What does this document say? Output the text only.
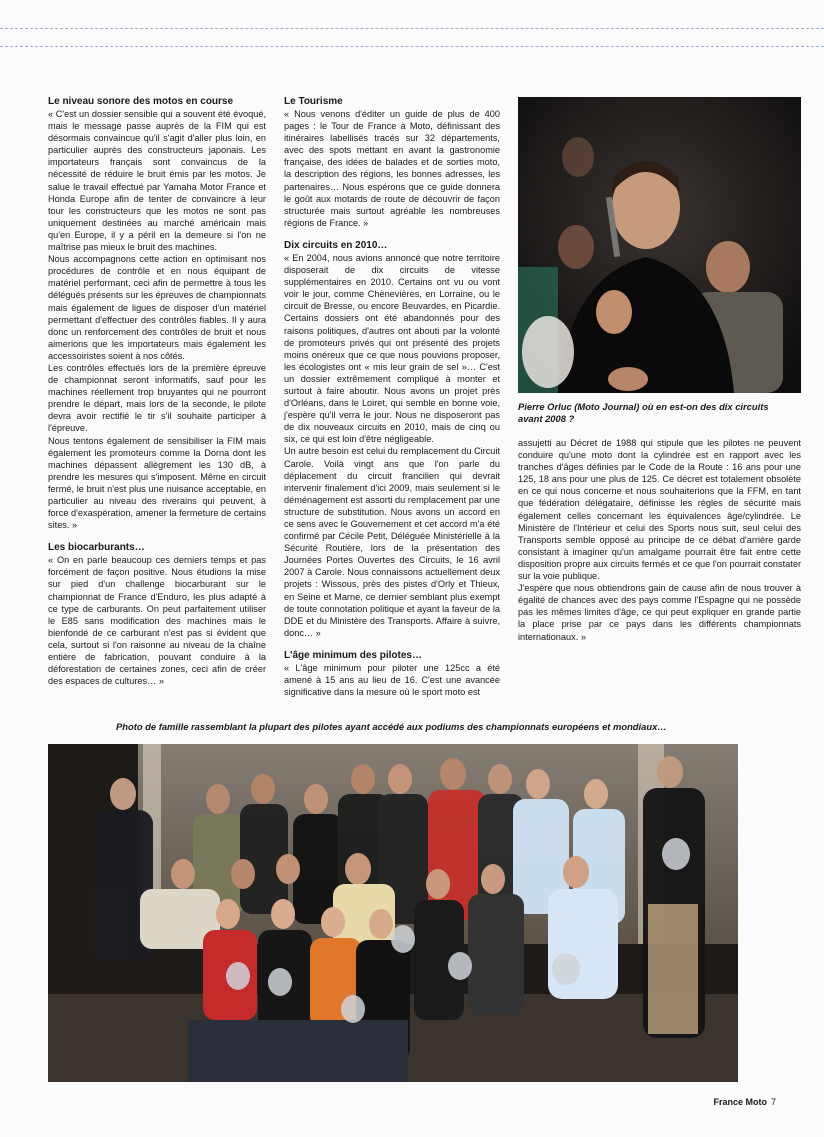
Le niveau sonore des motos en course

« C'est un dossier sensible qui a souvent été évoqué, mais le message passe auprès de la FIM qui est désormais convaincue qu'il s'agit d'aller plus loin, en particulier auprès des constructeurs japonais. Les importateurs français sont convaincus de la nécessité de réduire le bruit émis par les motos. Je salue le travail effectué par Yamaha Motor France et Honda Europe afin de tenter de convaincre à leur tour les constructeurs que les motos ne sont pas uniquement destinées au marché américain mais qu'en Europe, il y a péril en la demeure si l'on ne maîtrise pas mieux le bruit des machines.

Nous accompagnons cette action en optimisant nos procédures de contrôle et en nous équipant de matériel performant, ceci afin de permettre à tous les délégués présents sur les épreuves de championnats mais également de ligues de disposer d'un matériel permettant d'effectuer des contrôles fiables. Il y aura donc un renforcement des contrôles de bruit et nous aimerions que les importateurs mais également les accessoiristes soient à nos côtés.

Les contrôles effectués lors de la première épreuve de championnat seront informatifs, sauf pour les machines réellement trop bruyantes qui ne pourront prendre le départ, mais lors de la seconde, le pilote devra avoir rectifié le tir s'il souhaite participer à l'épreuve.

Nous tentons également de sensibiliser la FIM mais également les promoteurs comme la Dorna dont les machines dépassent allègrement les 130 dB, à prendre les mesures qui s'imposent. Même en circuit fermé, le bruit n'est plus une nuisance acceptable, en particulier au niveau des riverains qui peuvent, à force d'exaspération, amener la fermeture de certains sites. »

Les biocarburants…

« On en parle beaucoup ces derniers temps et pas forcément de façon positive. Nous étudions la mise sur pied d'un challenge biocarburant sur le championnat de France d'Enduro, les plus adapté à ce type de carburants. On peut parfaitement utiliser le E85 sans modification des machines mais le bienfondé de ce carburant n'est pas si évident que cela, surtout si l'on raisonne au niveau de la chaîne entière de fabrication, pouvant conduire à la déforestation de certaines zones, ceci afin de créer des espaces de cultures… »

Le Tourisme

« Nous venons d'éditer un guide de plus de 400 pages : le Tour de France à Moto, définissant des itinéraires labellisés tracés sur 32 départements, avec des spots mettant en avant la gastronomie française, des idées de balades et de sorties moto, la description des régions, les bonnes adresses, les partenaires… Nous espérons que ce guide donnera le goût aux motards de route de découvrir de façon structurée mais surtout agréable les nombreuses régions de France. »

Dix circuits en 2010…

« En 2004, nous avions annoncé que notre territoire disposerait de dix circuits de vitesse supplémentaires en 2010. Certains ont vu ou vont voir le jour, comme Chènevières, en Lorraine, ou le circuit de Bresse, ou encore Beuvardes, en Picardie. Certains dossiers ont été abandonnés pour des raisons politiques, d'autres ont abouti par la volonté de promoteurs privés qui ont présenté des projets moins onéreux que ce que nous pouvions proposer, les écologistes ont « mis leur grain de sel »… C'est un dossier extrêmement compliqué à monter et surtout à faire aboutir. Nous avons un projet près d'Orléans, dans le Loiret, qui semble en bonne voie, j'espère qu'il verra le jour. Nous ne disposeront pas de dix nouveaux circuits en 2010, mais de cinq ou six, ce qui est loin d'être négligeable.

Un autre besoin est celui du remplacement du Circuit Carole. Voilà vingt ans que l'on parle du déplacement du circuit francilien qui devrait intervenir finalement d'ici 2009, mais seulement si le déménagement est assorti du remplacement par une structure de substitution. Nous avons un accord en ce sens avec le Gouvernement et cet accord m'a été confirmé par Cécile Petit, Déléguée Ministérielle à la Sécurité Routière, lors de la présentation des Journées Portes Ouvertes des Circuits, le 16 avril 2007 à Carole. Nous connaissons actuellement deux projets : Wissous, près des pistes d'Orly et Thieux, en Seine et Marne, ce dernier semblant plus exempt de toute connotation politique et ayant la faveur de la DDE et du Ministère des Transports. Affaire à suivre, donc… »

L'âge minimum des pilotes…

« L'âge minimum pour piloter une 125cc a été amené à 15 ans au lieu de 16. C'est une avancée significative dans la mesure où le sport moto est

Pierre Orluc (Moto Journal) où en est-on des dix circuits avant 2008 ?

assujetti au Décret de 1988 qui stipule que les pilotes ne peuvent conduire qu'une moto dont la cylindrée est en rapport avec les tranches d'âges définies par le Code de la Route : 16 ans pour une 125, 18 ans pour une plus de 125. Ce décret est totalement obsolète en ce qui nous concerne et nous souhaiterions que la FFM, en tant que fédération délégataire, définisse les règles de sécurité mais également celles concernant les équivalences âge/cylindrée. Le Ministère de l'Intérieur et celui des Sports nous suit, seul celui des Transports semble opposé au principe de ce débat d'arrière garde consistant à imaginer qu'un amalgame pourrait être fait entre cette disposition propre aux circuits fermés et ce que l'on pourrait constater sur la voie publique.

J'espère que nous obtiendrons gain de cause afin de nous trouver à égalité de chances avec des pays comme l'Espagne qui ne possède pas les mêmes limites d'âge, ce qui peut expliquer en grande partie la place prise par ce pays dans les différents championnats internationaux. »

Photo de famille rassemblant la plupart des pilotes ayant accédé aux podiums des championnats européens et mondiaux…
France Moto 7
